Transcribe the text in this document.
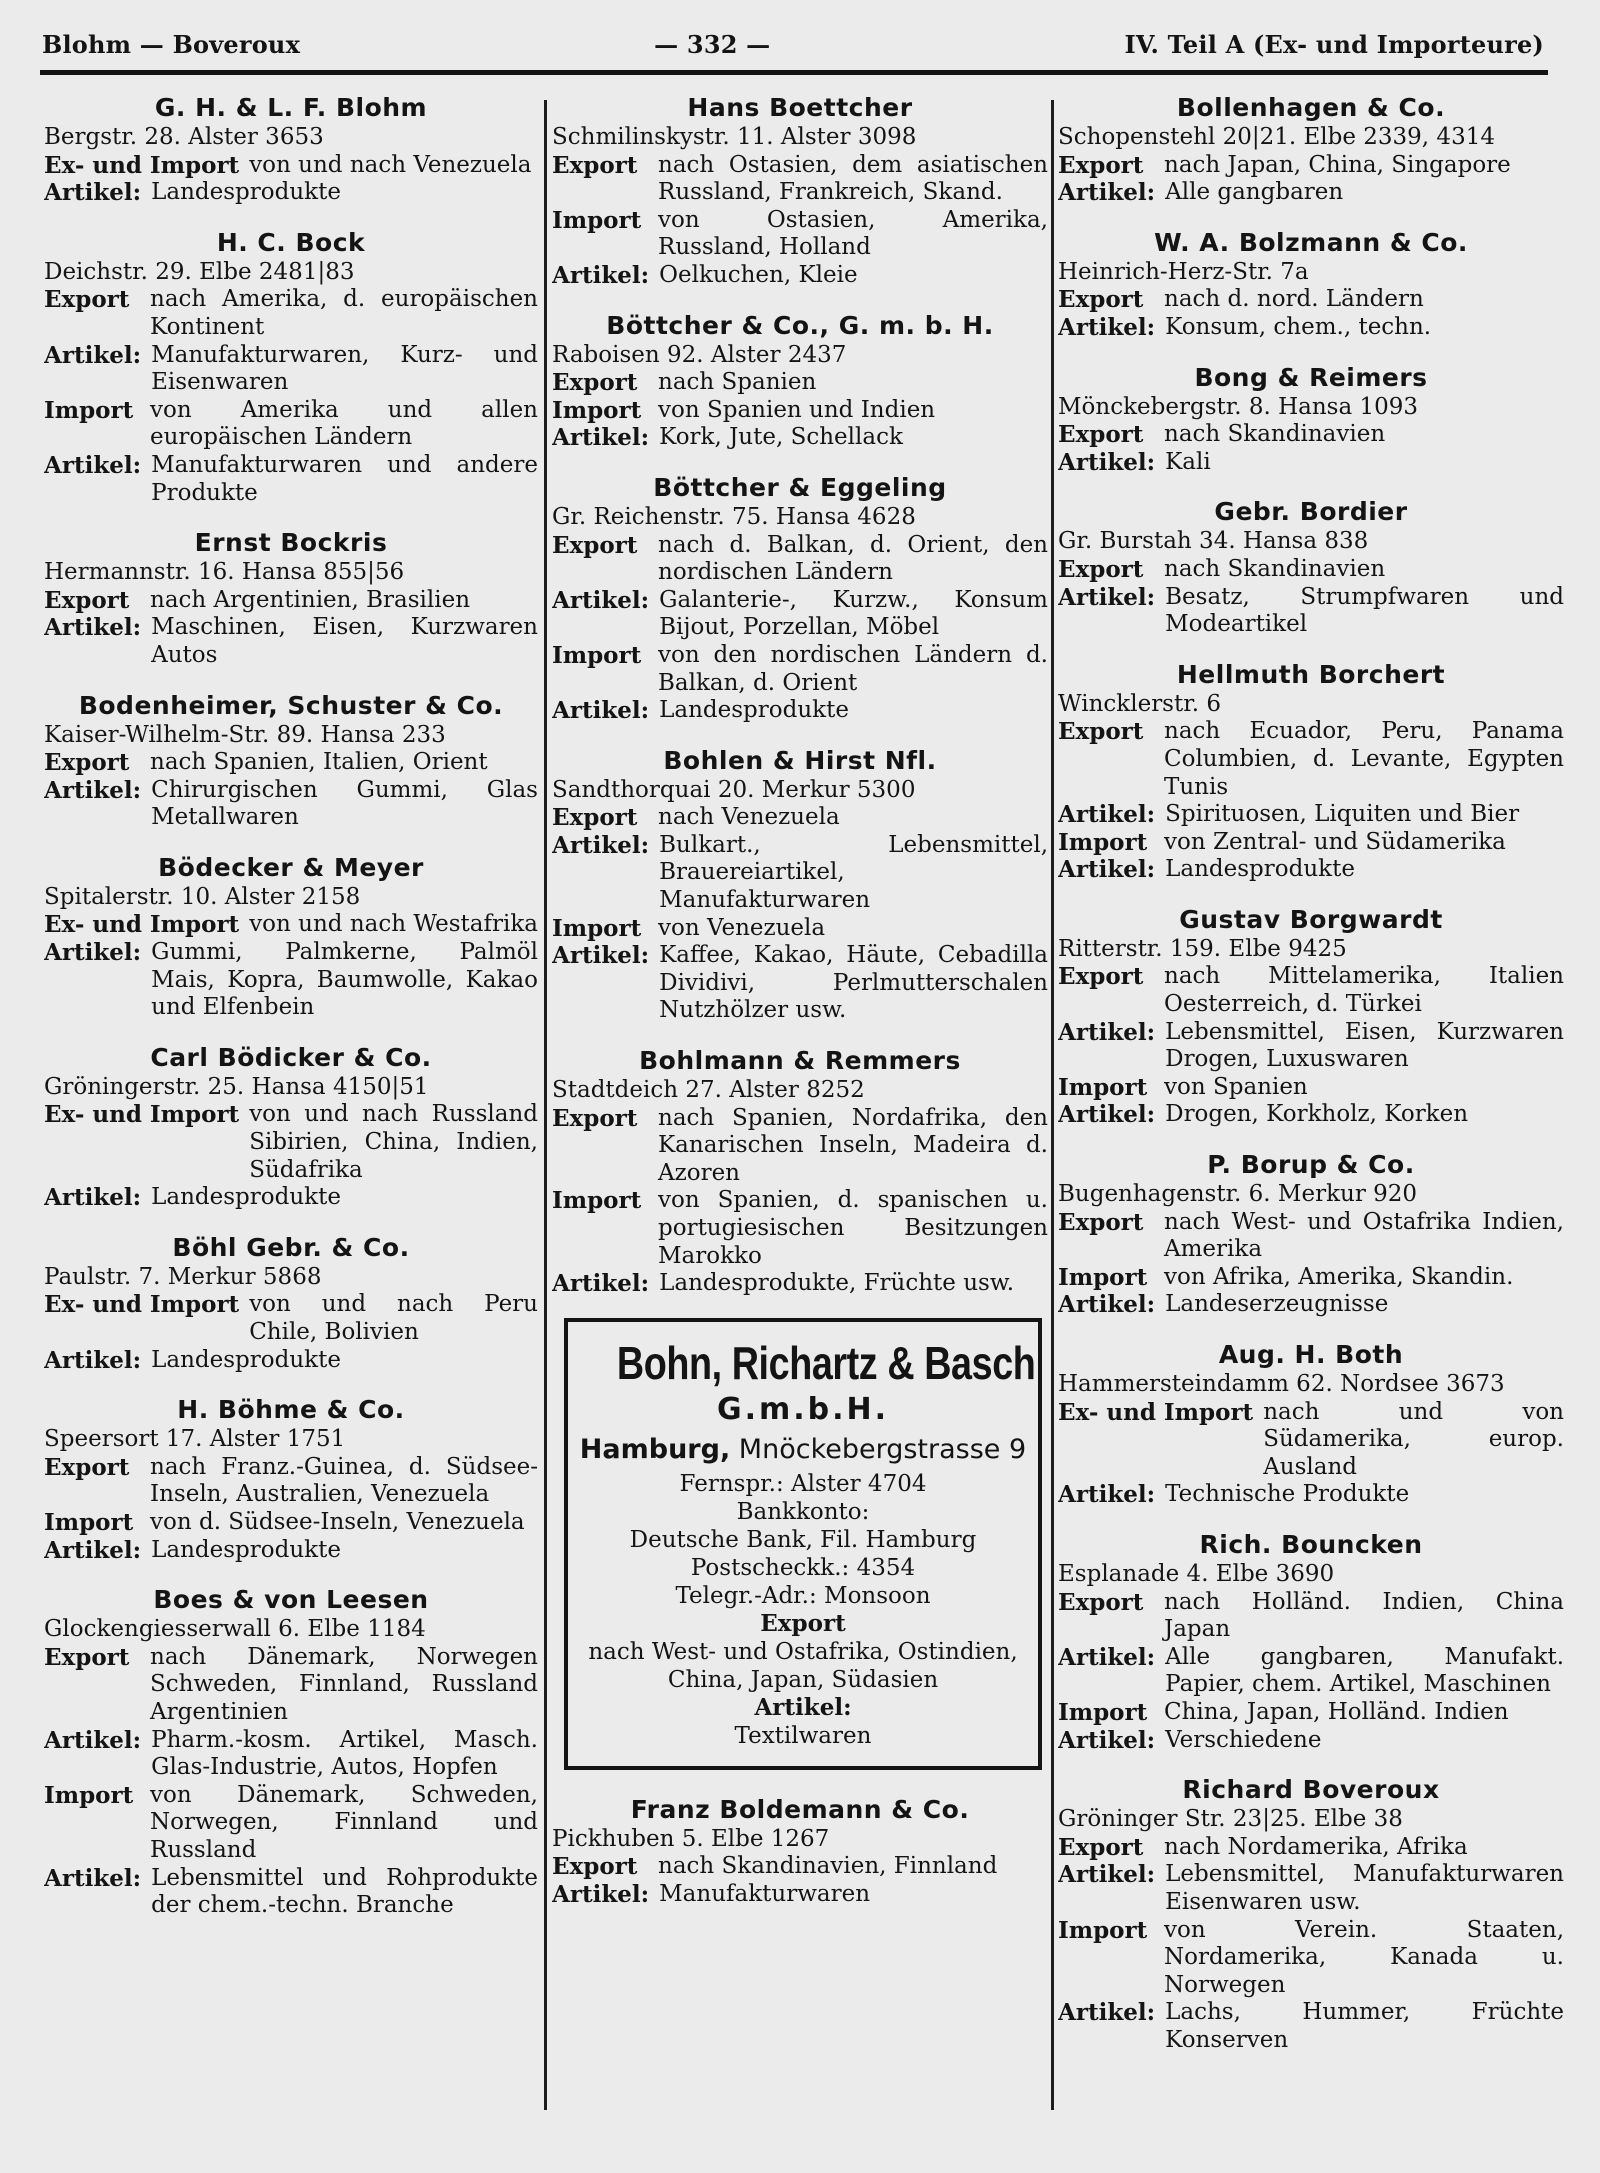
Blohm — Boveroux	— 332 —	IV. Teil A (Ex- und Importeure)
G. H. & L. F. Blohm
Bergstr. 28. Alster 3653
Ex- und Import von und nach Venezuela
Artikel: Landesprodukte
H. C. Bock
Deichstr. 29. Elbe 2481|83
Export nach Amerika, d. europäischen Kontinent
Artikel: Manufakturwaren, Kurz- und Eisenwaren
Import von Amerika und allen europäischen Ländern
Artikel: Manufakturwaren und andere Produkte
Ernst Bockris
Hermannstr. 16. Hansa 855|56
Export nach Argentinien, Brasilien
Artikel: Maschinen, Eisen, Kurzwaren Autos
Bodenheimer, Schuster & Co.
Kaiser-Wilhelm-Str. 89. Hansa 233
Export nach Spanien, Italien, Orient
Artikel: Chirurgischen Gummi, Glas Metallwaren
Bödecker & Meyer
Spitalerstr. 10. Alster 2158
Ex- und Import von und nach Westafrika
Artikel: Gummi, Palmkerne, Palmöl Mais, Kopra, Baumwolle, Kakao und Elfenbein
Carl Bödicker & Co.
Gröningerstr. 25. Hansa 4150|51
Ex- und Import von und nach Russland Sibirien, China, Indien, Südafrika
Artikel: Landesprodukte
Böhl Gebr. & Co.
Paulstr. 7. Merkur 5868
Ex- und Import von und nach Peru Chile, Bolivien
Artikel: Landesprodukte
H. Böhme & Co.
Speersort 17. Alster 1751
Export nach Franz.-Guinea, d. Südsee-Inseln, Australien, Venezuela
Import von d. Südsee-Inseln, Venezuela
Artikel: Landesprodukte
Boes & von Leesen
Glockengiesserwall 6. Elbe 1184
Export nach Dänemark, Norwegen Schweden, Finnland, Russland Argentinien
Artikel: Pharm.-kosm. Artikel, Masch. Glas-Industrie, Autos, Hopfen
Import von Dänemark, Schweden, Norwegen, Finnland und Russland
Artikel: Lebensmittel und Rohprodukte der chem.-techn. Branche
Hans Boettcher
Schmilinskystr. 11. Alster 3098
Export nach Ostasien, dem asiatischen Russland, Frankreich, Skand.
Import von Ostasien, Amerika, Russland, Holland
Artikel: Oelkuchen, Kleie
Böttcher & Co., G. m. b. H.
Raboisen 92. Alster 2437
Export nach Spanien
Import von Spanien und Indien
Artikel: Kork, Jute, Schellack
Böttcher & Eggeling
Gr. Reichenstr. 75. Hansa 4628
Export nach d. Balkan, d. Orient, den nordischen Ländern
Artikel: Galanterie-, Kurzw., Konsum Bijout, Porzellan, Möbel
Import von den nordischen Ländern d. Balkan, d. Orient
Artikel: Landesprodukte
Bohlen & Hirst Nfl.
Sandthorquai 20. Merkur 5300
Export nach Venezuela
Artikel: Bulkart., Lebensmittel, Brauereiartikel, Manufakturwaren
Import von Venezuela
Artikel: Kaffee, Kakao, Häute, Cebadilla Dividivi, Perlmutterschalen Nutzhölzer usw.
Bohlmann & Remmers
Stadtdeich 27. Alster 8252
Export nach Spanien, Nordafrika, den Kanarischen Inseln, Madeira d. Azoren
Import von Spanien, d. spanischen u. portugiesischen Besitzungen Marokko
Artikel: Landesprodukte, Früchte usw.
Bohn, Richartz & Basch
G.m.b.H.
Hamburg, Mnöckebergstrasse 9
Fernspr.: Alster 4704
Bankkonto:
Deutsche Bank, Fil. Hamburg
Postscheckk.: 4354
Telegr.-Adr.: Monsoon
Export
nach West- und Ostafrika, Ostindien, China, Japan, Südasien
Artikel:
Textilwaren
Franz Boldemann & Co.
Pickhuben 5. Elbe 1267
Export nach Skandinavien, Finnland
Artikel: Manufakturwaren
Bollenhagen & Co.
Schopenstehl 20|21. Elbe 2339, 4314
Export nach Japan, China, Singapore
Artikel: Alle gangbaren
W. A. Bolzmann & Co.
Heinrich-Herz-Str. 7a
Export nach d. nord. Ländern
Artikel: Konsum, chem., techn.
Bong & Reimers
Mönckebergstr. 8. Hansa 1093
Export nach Skandinavien
Artikel: Kali
Gebr. Bordier
Gr. Burstah 34. Hansa 838
Export nach Skandinavien
Artikel: Besatz, Strumpfwaren und Modeartikel
Hellmuth Borchert
Wincklerstr. 6
Export nach Ecuador, Peru, Panama Columbien, d. Levante, Egypten Tunis
Artikel: Spirituosen, Liquiten und Bier
Import von Zentral- und Südamerika
Artikel: Landesprodukte
Gustav Borgwardt
Ritterstr. 159. Elbe 9425
Export nach Mittelamerika, Italien Oesterreich, d. Türkei
Artikel: Lebensmittel, Eisen, Kurzwaren Drogen, Luxuswaren
Import von Spanien
Artikel: Drogen, Korkholz, Korken
P. Borup & Co.
Bugenhagenstr. 6. Merkur 920
Export nach West- und Ostafrika Indien, Amerika
Import von Afrika, Amerika, Skandin.
Artikel: Landeserzeugnisse
Aug. H. Both
Hammersteindamm 62. Nordsee 3673
Ex- und Import nach und von Südamerika, europ. Ausland
Artikel: Technische Produkte
Rich. Bouncken
Esplanade 4. Elbe 3690
Export nach Holländ. Indien, China Japan
Artikel: Alle gangbaren, Manufakt. Papier, chem. Artikel, Maschinen
Import China, Japan, Holländ. Indien
Artikel: Verschiedene
Richard Boveroux
Gröninger Str. 23|25. Elbe 38
Export nach Nordamerika, Afrika
Artikel: Lebensmittel, Manufakturwaren Eisenwaren usw.
Import von Verein. Staaten, Nordamerika, Kanada u. Norwegen
Artikel: Lachs, Hummer, Früchte Konserven
